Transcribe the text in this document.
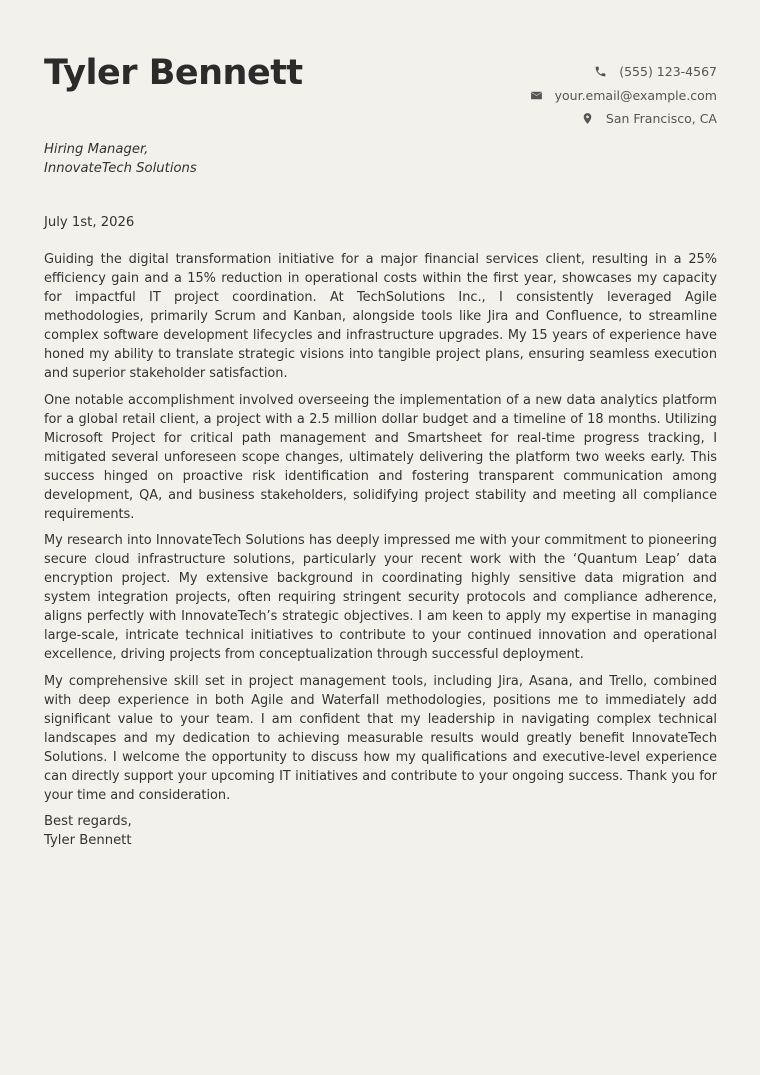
Tyler Bennett	(555) 123-4567
your.email@example.com
San Francisco, CA
Hiring Manager,
InnovateTech Solutions
July 1st, 2026

Guiding the digital transformation initiative for a major financial services client, resulting in a 25% efficiency gain and a 15% reduction in operational costs within the first year, showcases my capacity for impactful IT project coordination. At TechSolutions Inc., I consistently leveraged Agile methodologies, primarily Scrum and Kanban, alongside tools like Jira and Confluence, to streamline complex software development lifecycles and infrastructure upgrades. My 15 years of experience have honed my ability to translate strategic visions into tangible project plans, ensuring seamless execution and superior stakeholder satisfaction.

One notable accomplishment involved overseeing the implementation of a new data analytics platform for a global retail client, a project with a 2.5 million dollar budget and a timeline of 18 months. Utilizing Microsoft Project for critical path management and Smartsheet for real-time progress tracking, I mitigated several unforeseen scope changes, ultimately delivering the platform two weeks early. This success hinged on proactive risk identification and fostering transparent communication among development, QA, and business stakeholders, solidifying project stability and meeting all compliance requirements.

My research into InnovateTech Solutions has deeply impressed me with your commitment to pioneering secure cloud infrastructure solutions, particularly your recent work with the ‘Quantum Leap’ data encryption project. My extensive background in coordinating highly sensitive data migration and system integration projects, often requiring stringent security protocols and compliance adherence, aligns perfectly with InnovateTech’s strategic objectives. I am keen to apply my expertise in managing large-scale, intricate technical initiatives to contribute to your continued innovation and operational excellence, driving projects from conceptualization through successful deployment.

My comprehensive skill set in project management tools, including Jira, Asana, and Trello, combined with deep experience in both Agile and Waterfall methodologies, positions me to immediately add significant value to your team. I am confident that my leadership in navigating complex technical landscapes and my dedication to achieving measurable results would greatly benefit InnovateTech Solutions. I welcome the opportunity to discuss how my qualifications and executive-level experience can directly support your upcoming IT initiatives and contribute to your ongoing success. Thank you for your time and consideration.

Best regards,
Tyler Bennett
